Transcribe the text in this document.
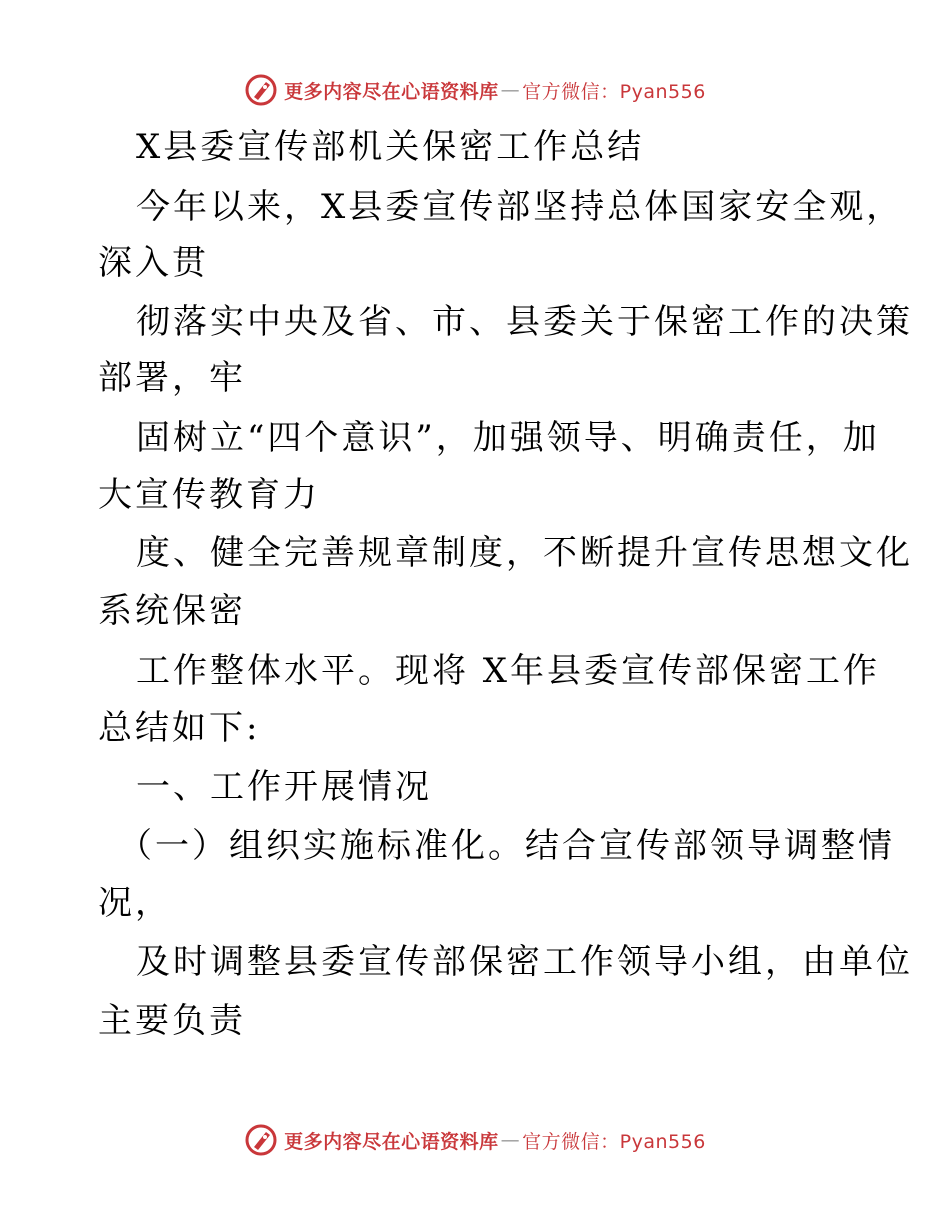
更多内容尽在心语资料库 — 官方微信：Pyan556
X县委宣传部机关保密工作总结
今年以来，X县委宣传部坚持总体国家安全观，
深入贯
彻落实中央及省、市、县委关于保密工作的决策
部署，牢
固树立“四个意识”，加强领导、明确责任，加
大宣传教育力
度、健全完善规章制度，不断提升宣传思想文化
系统保密
工作整体水平。现将 X年县委宣传部保密工作
总结如下:
一、工作开展情况
（一）组织实施标准化。结合宣传部领导调整情
况，
及时调整县委宣传部保密工作领导小组，由单位
主要负责
更多内容尽在心语资料库 — 官方微信：Pyan556
